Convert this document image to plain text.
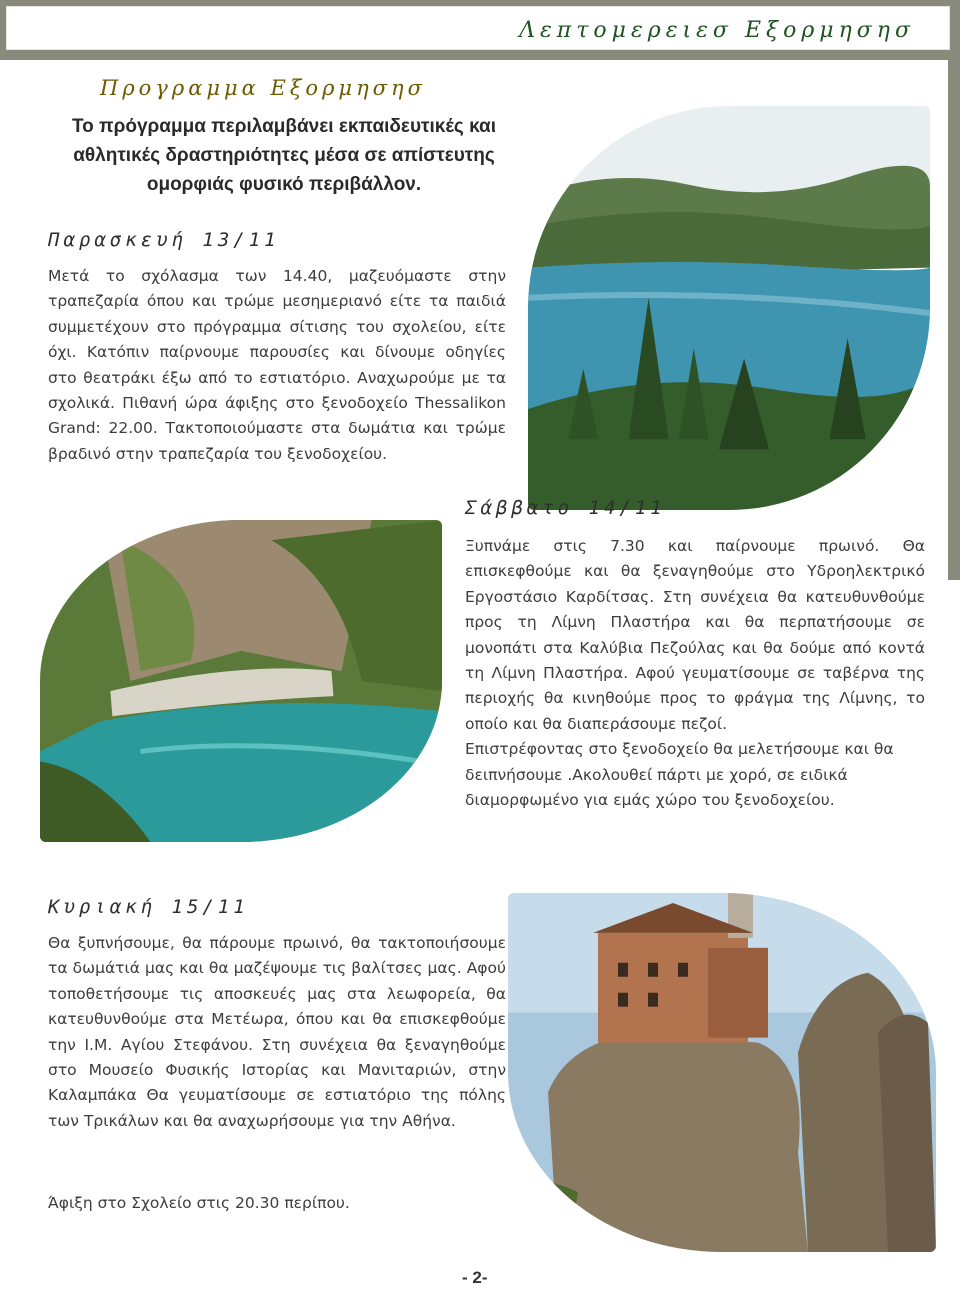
Λεπτομερειεσ Εξορμησησ
Προγραμμα Εξορμησησ
Το πρόγραμμα περιλαμβάνει εκπαιδευτικές και αθλητικές δραστηριότητες μέσα σε απίστευτης ομορφιάς φυσικό περιβάλλον.
Παρασκευή 13/11
Μετά το σχόλασμα των 14.40, μαζευόμαστε στην τραπεζαρία όπου και τρώμε μεσημεριανό είτε τα παιδιά συμμετέχουν στο πρόγραμμα σίτισης του σχολείου, είτε όχι. Κατόπιν παίρνουμε παρουσίες και δίνουμε οδηγίες στο θεατράκι έξω από το εστιατόριο. Αναχωρούμε με τα σχολικά. Πιθανή ώρα άφιξης στο ξενοδοχείο Thessalikon Grand: 22.00. Τακτοποιούμαστε στα δωμάτια και τρώμε βραδινό στην τραπεζαρία του ξενοδοχείου.
Σάββατο 14/11
Ξυπνάμε στις 7.30 και παίρνουμε πρωινό. Θα επισκεφθούμε και θα ξεναγηθούμε στο Υδροηλεκτρικό Εργοστάσιο Καρδίτσας. Στη συνέχεια θα κατευθυνθούμε προς τη Λίμνη Πλαστήρα και θα περπατήσουμε σε μονοπάτι στα Καλύβια Πεζούλας και θα δούμε από κοντά τη Λίμνη Πλαστήρα. Αφού γευματίσουμε σε ταβέρνα της περιοχής θα κινηθούμε προς το φράγμα της Λίμνης, το οποίο και θα διαπεράσουμε πεζοί.
Επιστρέφοντας στο ξενοδοχείο θα μελετήσουμε και θα δειπνήσουμε .Ακολουθεί πάρτι με χορό, σε ειδικά διαμορφωμένο για εμάς χώρο του ξενοδοχείου.
Κυριακή 15/11
Θα ξυπνήσουμε, θα πάρουμε πρωινό, θα τακτοποιήσουμε τα δωμάτιά μας και θα μαζέψουμε τις βαλίτσες μας. Αφού τοποθετήσουμε τις αποσκευές μας στα λεωφορεία, θα κατευθυνθούμε στα Μετέωρα, όπου και θα επισκεφθούμε την Ι.Μ. Αγίου Στεφάνου. Στη συνέχεια θα ξεναγηθούμε στο Μουσείο Φυσικής Ιστορίας και Μανιταριών, στην Καλαμπάκα Θα γευματίσουμε σε εστιατόριο της πόλης των Τρικάλων και θα αναχωρήσουμε για την Αθήνα.
Άφιξη στο Σχολείο στις 20.30 περίπου.
- 2-
